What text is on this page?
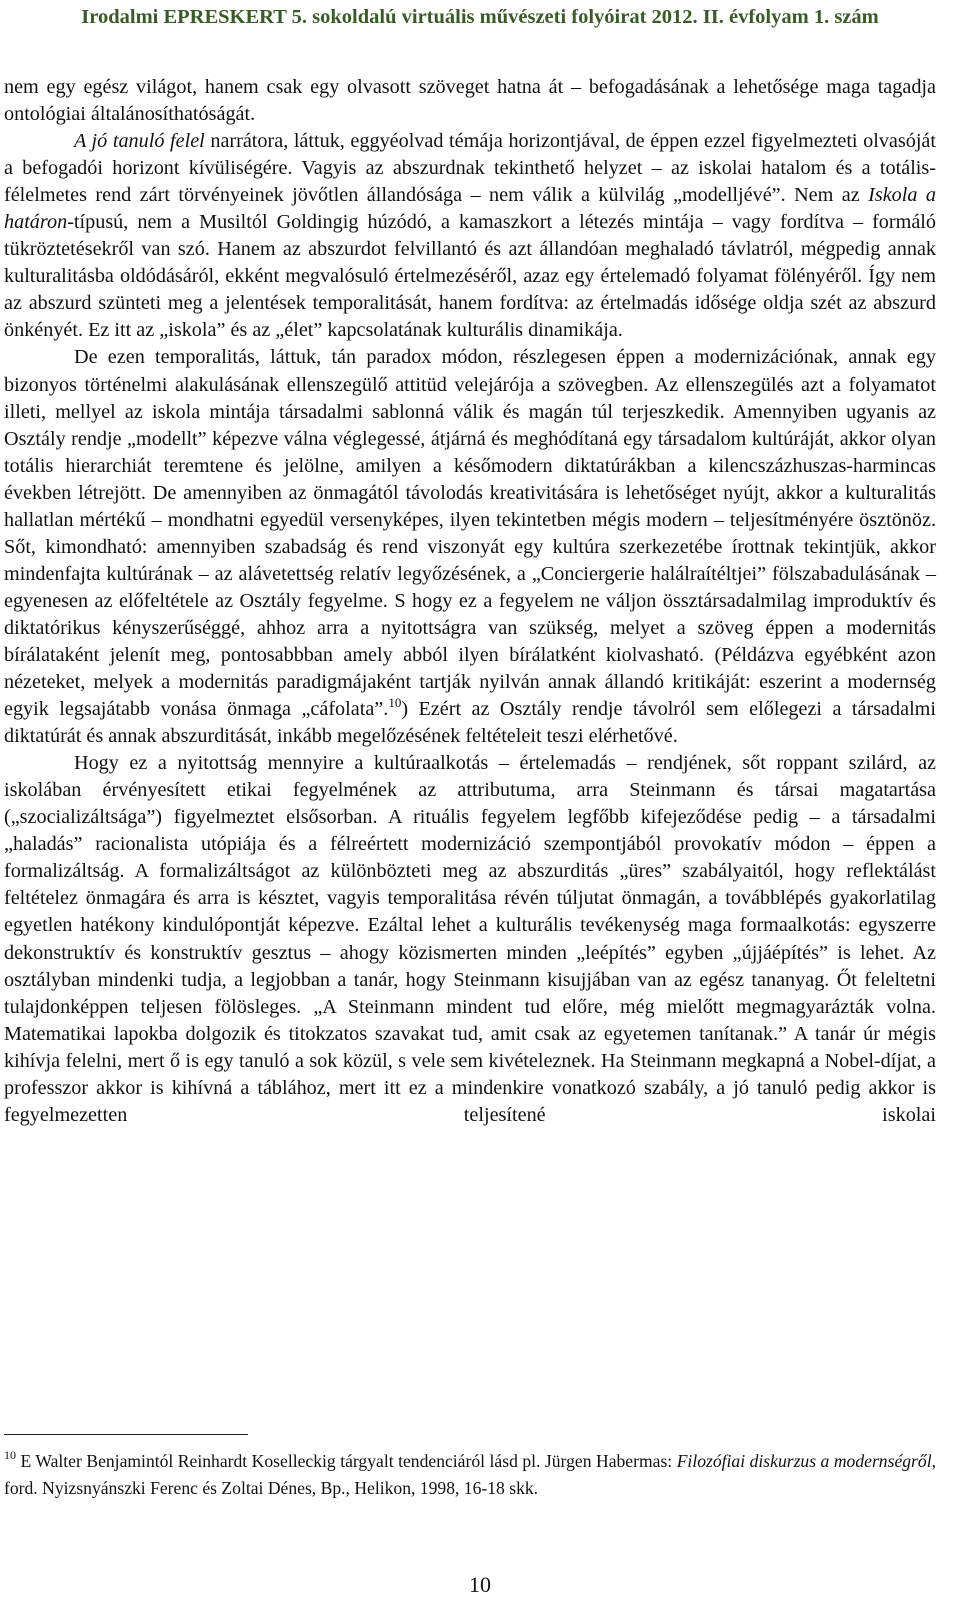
Irodalmi EPRESKERT 5. sokoldalú virtuális művészeti folyóirat 2012. II. évfolyam 1. szám

nem egy egész világot, hanem csak egy olvasott szöveget hatna át – befogadásának a lehetősége maga tagadja ontológiai általánosíthatóságát.

A jó tanuló felel narrátora, láttuk, eggyéolvad témája horizontjával, de éppen ezzel figyelmezteti olvasóját a befogadói horizont kívüliségére. Vagyis az abszurdnak tekinthető helyzet – az iskolai hatalom és a totális-félelmetes rend zárt törvényeinek jövőtlen állandósága – nem válik a külvilág „modelljévé”. Nem az Iskola a határon-típusú, nem a Musiltól Goldingig húzódó, a kamaszkort a létezés mintája – vagy fordítva – formáló tükröztetésekről van szó. Hanem az abszurdot felvillantó és azt állandóan meghaladó távlatról, mégpedig annak kulturalitásba oldódásáról, ekként megvalósuló értelmezéséről, azaz egy értelemadó folyamat fölényéről. Így nem az abszurd szünteti meg a jelentések temporalitását, hanem fordítva: az értelmadás idősége oldja szét az abszurd önkényét. Ez itt az „iskola” és az „élet” kapcsolatának kulturális dinamikája.

De ezen temporalitás, láttuk, tán paradox módon, részlegesen éppen a modernizációnak, annak egy bizonyos történelmi alakulásának ellenszegülő attitüd velejárója a szövegben. Az ellenszegülés azt a folyamatot illeti, mellyel az iskola mintája társadalmi sablonná válik és magán túl terjeszkedik. Amennyiben ugyanis az Osztály rendje „modellt” képezve válna véglegessé, átjárná és meghódítaná egy társadalom kultúráját, akkor olyan totális hierarchiát teremtene és jelölne, amilyen a későmodern diktatúrákban a kilencszázhuszas-harmincas években létrejött. De amennyiben az önmagától távolodás kreativitására is lehetőséget nyújt, akkor a kulturalitás hallatlan mértékű – mondhatni egyedül versenyképes, ilyen tekintetben mégis modern – teljesítményére ösztönöz. Sőt, kimondható: amennyiben szabadság és rend viszonyát egy kultúra szerkezetébe írottnak tekintjük, akkor mindenfajta kultúrának – az alávetettség relatív legyőzésének, a „Conciergerie halálraítéltjei” fölszabadulásának – egyenesen az előfeltétele az Osztály fegyelme. S hogy ez a fegyelem ne váljon össztársadalmilag improduktív és diktatórikus kényszerűséggé, ahhoz arra a nyitottságra van szükség, melyet a szöveg éppen a modernitás bírálataként jelenít meg, pontosabbban amely abból ilyen bírálatként kiolvasható. (Példázva egyébként azon nézeteket, melyek a modernitás paradigmájaként tartják nyilván annak állandó kritikáját: eszerint a modernség egyik legsajátabb vonása önmaga „cáfolata”.$^{10}$) Ezért az Osztály rendje távolról sem előlegezi a társadalmi diktatúrát és annak abszurditását, inkább megelőzésének feltételeit teszi elérhetővé.

Hogy ez a nyitottság mennyire a kultúraalkotás – értelemadás – rendjének, sőt roppant szilárd, az iskolában érvényesített etikai fegyelmének az attributuma, arra Steinmann és társai magatartása („szocializáltsága”) figyelmeztet elsősorban. A rituális fegyelem legfőbb kifejeződése pedig – a társadalmi „haladás” racionalista utópiája és a félreértett modernizáció szempontjából provokatív módon – éppen a formalizáltság. A formalizáltságot az különbözteti meg az abszurditás „üres” szabályaitól, hogy reflektálást feltételez önmagára és arra is késztet, vagyis temporalitása révén túljutat önmagán, a továbblépés gyakorlatilag egyetlen hatékony kindulópontját képezve. Ezáltal lehet a kulturális tevékenység maga formaalkotás: egyszerre dekonstruktív és konstruktív gesztus – ahogy közismerten minden „leépítés” egyben „újjáépítés” is lehet. Az osztályban mindenki tudja, a legjobban a tanár, hogy Steinmann kisujjában van az egész tananyag. Őt feleltetni tulajdonképpen teljesen fölösleges. „A Steinmann mindent tud előre, még mielőtt megmagyarázták volna. Matematikai lapokba dolgozik és titokzatos szavakat tud, amit csak az egyetemen tanítanak.” A tanár úr mégis kihívja felelni, mert ő is egy tanuló a sok közül, s vele sem kivételeznek. Ha Steinmann megkapná a Nobel-díjat, a professzor akkor is kihívná a táblához, mert itt ez a mindenkire vonatkozó szabály, a jó tanuló pedig akkor is fegyelmezetten teljesítené iskolai

$^{10}$ E Walter Benjamintól Reinhardt Koselleckig tárgyalt tendenciáról lásd pl. Jürgen Habermas: Filozófiai diskurzus a modernségről, ford. Nyizsnyánszki Ferenc és Zoltai Dénes, Bp., Helikon, 1998, 16-18 skk.

10
